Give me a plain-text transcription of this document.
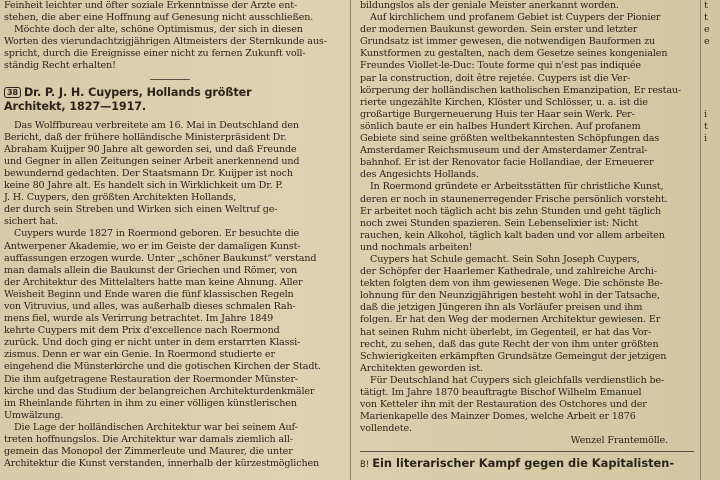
Feinheit leichter und öfter soziale Erkenntnisse der Arzte ent-
stehen, die aber eine Hoffnung auf Genesung nicht ausschließen.
Möchte doch der alte, schöne Optimismus, der sich in diesen
Worten des vierundachtzigjährigen Altmeisters der Sternkunde aus-
spricht, durch die Ereignisse einer nicht zu fernen Zukunft voll-
ständig Recht erhalten!
38 Dr. P. J. H. Cuypers, Hollands größter
Architekt, 1827—1917.
Das Wolffbureau verbreitete am 16. Mai in Deutschland den
Bericht, daß der frühere holländische Ministerpräsident Dr.
Abraham Kuijper 90 Jahre alt geworden sei, und daß Freunde
und Gegner in allen Zeitungen seiner Arbeit anerkennend und
bewundernd gedachten. Der Staatsmann Dr. Kuijper ist noch
keine 80 Jahre alt. Es handelt sich in Wirklichkeit um Dr. P.
J. H. Cuypers, den größten Architekten Hollands,
der durch sein Streben und Wirken sich einen Weltruf ge-
sichert hat.
Cuypers wurde 1827 in Roermond geboren. Er besuchte die
Antwerpener Akademie, wo er im Geiste der damaligen Kunst-
auffassungen erzogen wurde. Unter „schöner Baukunst“ verstand
man damals allein die Baukunst der Griechen und Römer, von
der Architektur des Mittelalters hatte man keine Ahnung. Aller
Weisheit Beginn und Ende waren die fünf klassischen Regeln
von Vitruvius, und alles, was außerhalb dieses schmalen Rah-
mens fiel, wurde als Verirrung betrachtet. Im Jahre 1849
kehrte Cuypers mit dem Prix d'excellence nach Roermond
zurück. Und doch ging er nicht unter in dem erstarrten Klassi-
zismus. Denn er war ein Genie. In Roermond studierte er
eingehend die Münsterkirche und die gotischen Kirchen der Stadt.
Die ihm aufgetragene Restauration der Roermonder Münster-
kirche und das Studium der belangreichen Architekturdenkmäler
im Rheinlande führten in ihm zu einer völligen künstlerischen
Umwälzung.
Die Lage der holländischen Architektur war bei seinem Auf-
treten hoffnungslos. Die Architektur war damals ziemlich all-
gemein das Monopol der Zimmerleute und Maurer, die unter
Architektur die Kunst verstanden, innerhalb der kürzestmöglichen
bildungslos als der geniale Meister anerkannt worden.
Auf kirchlichem und profanem Gebiet ist Cuypers der Pionier
der modernen Baukunst geworden. Sein erster und letzter
Grundsatz ist immer gewesen, die notwendigen Bauformen zu
Kunstformen zu gestalten, nach dem Gesetze seines kongenialen
Freundes Viollet-le-Duc: Toute forme qui n'est pas indiquée
par la construction, doit être rejetée. Cuypers ist die Ver-
körperung der holländischen katholischen Emanzipation, Er restau-
rierte ungezählte Kirchen, Klöster und Schlösser, u. a. ist die
großartige Burgerneuerung Huis ter Haar sein Werk. Per-
sönlich baute er ein halbes Hundert Kirchen. Auf profanem
Gebiete sind seine größten weltbekanntesten Schöpfungen das
Amsterdamer Reichsmuseum und der Amsterdamer Zentral-
bahnhof. Er ist der Renovator facie Hollandiae, der Erneuerer
des Angesichts Hollands.
In Roermond gründete er Arbeitsstätten für christliche Kunst,
deren er noch in staunenerregender Frische persönlich vorsteht.
Er arbeitet noch täglich acht bis zehn Stunden und geht täglich
noch zwei Stunden spazieren. Sein Lebenselixier ist: Nicht
rauchen, kein Alkohol, täglich kalt baden und vor allem arbeiten
und nochmals arbeiten!
Cuypers hat Schule gemacht. Sein Sohn Joseph Cuypers,
der Schöpfer der Haarlemer Kathedrale, und zahlreiche Archi-
tekten folgten dem von ihm gewiesenen Wege. Die schönste Be-
lohnung für den Neunzigjährigen besteht wohl in der Tatsache,
daß die jetzigen Jüngeren ihn als Vorläufer preisen und ihm
folgen. Er hat den Weg der modernen Architektur gewiesen. Er
hat seinen Ruhm nicht überlebt, im Gegenteil, er hat das Vor-
recht, zu sehen, daß das gute Recht der von ihm unter größten
Schwierigkeiten erkämpften Grundsätze Gemeingut der jetzigen
Architekten geworden ist.
Für Deutschland hat Cuypers sich gleichfalls verdienstlich be-
tätigt. Im Jahre 1870 beauftragte Bischof Wilhelm Emanuel
von Ketteler ihn mit der Restauration des Ostchores und der
Marienkapelle des Mainzer Domes, welche Arbeit er 1876
vollendete.
Wenzel Frantemölle.
B! Ein literarischer Kampf gegen die Kapitalisten-
t
t
e
e

i
t
i
